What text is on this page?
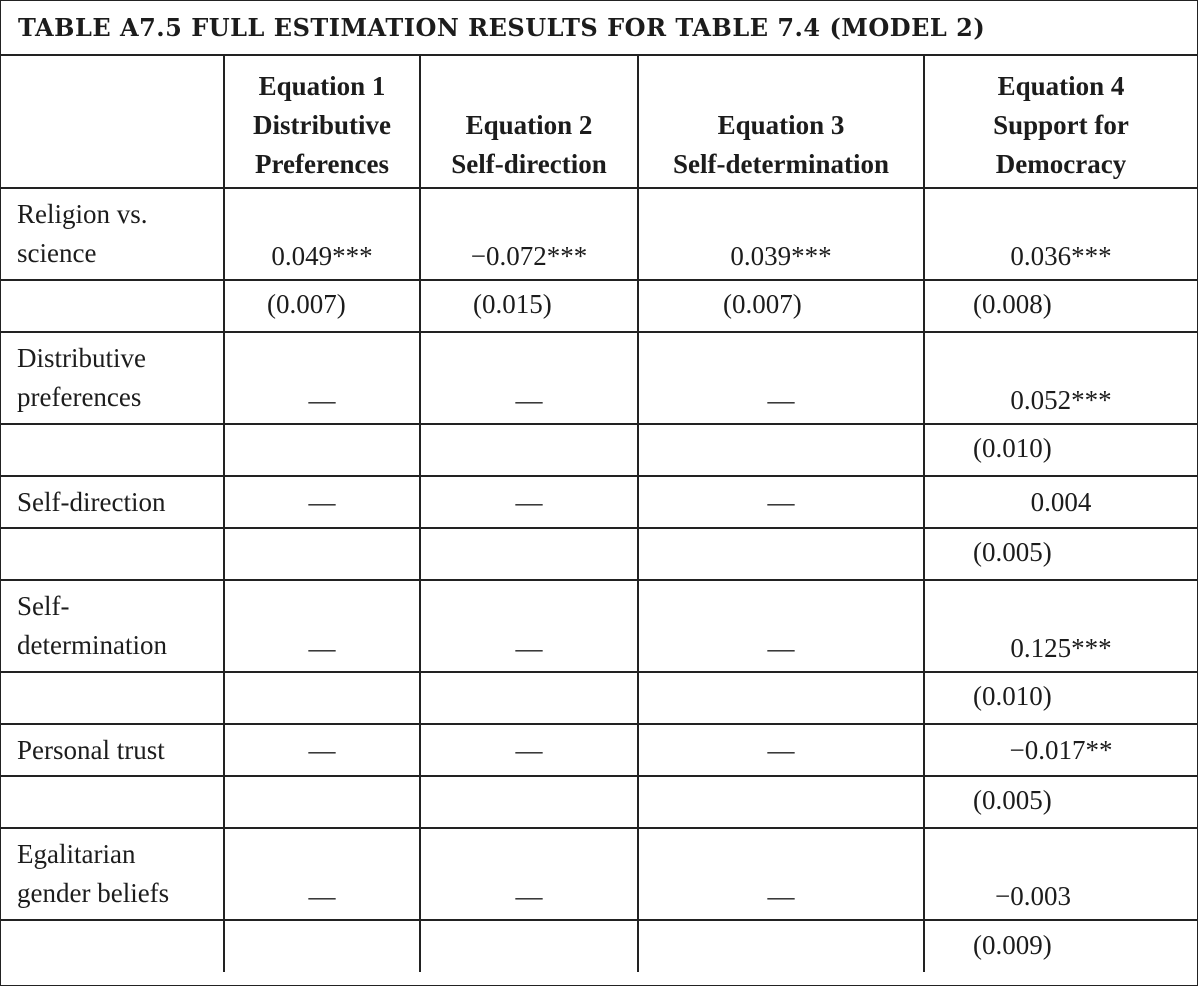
TABLE A7.5 FULL ESTIMATION RESULTS FOR TABLE 7.4 (MODEL 2)
	Equation 1
Distributive
Preferences	Equation 2
Self-direction	Equation 3
Self-determination	Equation 4
Support for
Democracy
Religion vs.
science	0.049***	−0.072***	0.039***	0.036***
	(0.007)	(0.015)	(0.007)	(0.008)
Distributive
preferences	—	—	—	0.052***
				(0.010)
Self-direction	—	—	—	0.004
				(0.005)
Self-
determination	—	—	—	0.125***
				(0.010)
Personal trust	—	—	—	−0.017**
				(0.005)
Egalitarian
gender beliefs	—	—	—	−0.003
				(0.009)
